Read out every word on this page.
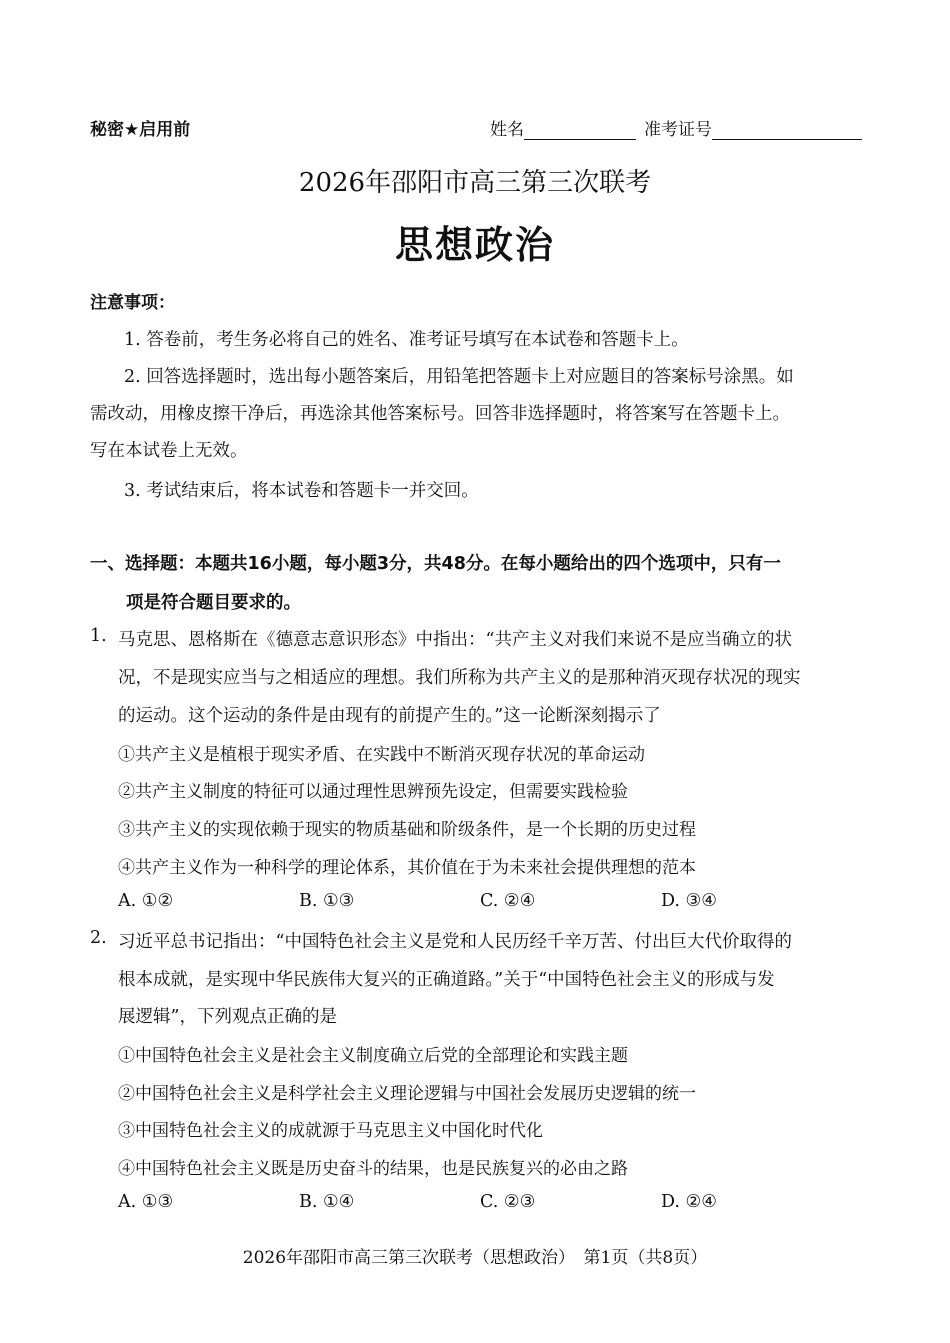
秘密★启用前	姓名	准考证号
2026年邵阳市高三第三次联考
思想政治
注意事项：
1. 答卷前，考生务必将自己的姓名、准考证号填写在本试卷和答题卡上。
2. 回答选择题时，选出每小题答案后，用铅笔把答题卡上对应题目的答案标号涂黑。如
需改动，用橡皮擦干净后，再选涂其他答案标号。回答非选择题时，将答案写在答题卡上。
写在本试卷上无效。
3. 考试结束后，将本试卷和答题卡一并交回。
一、选择题：本题共16小题，每小题3分，共48分。在每小题给出的四个选项中，只有一
项是符合题目要求的。
1. 马克思、恩格斯在《德意志意识形态》中指出：“共产主义对我们来说不是应当确立的状
况，不是现实应当与之相适应的理想。我们所称为共产主义的是那种消灭现存状况的现实
的运动。这个运动的条件是由现有的前提产生的。”这一论断深刻揭示了
①共产主义是植根于现实矛盾、在实践中不断消灭现存状况的革命运动
②共产主义制度的特征可以通过理性思辨预先设定，但需要实践检验
③共产主义的实现依赖于现实的物质基础和阶级条件，是一个长期的历史过程
④共产主义作为一种科学的理论体系，其价值在于为未来社会提供理想的范本
A. ①②	B. ①③	C. ②④	D. ③④
2. 习近平总书记指出：“中国特色社会主义是党和人民历经千辛万苦、付出巨大代价取得的
根本成就，是实现中华民族伟大复兴的正确道路。”关于“中国特色社会主义的形成与发
展逻辑”，下列观点正确的是
①中国特色社会主义是社会主义制度确立后党的全部理论和实践主题
②中国特色社会主义是科学社会主义理论逻辑与中国社会发展历史逻辑的统一
③中国特色社会主义的成就源于马克思主义中国化时代化
④中国特色社会主义既是历史奋斗的结果，也是民族复兴的必由之路
A. ①③	B. ①④	C. ②③	D. ②④
2026年邵阳市高三第三次联考（思想政治）　第1页（共8页）
